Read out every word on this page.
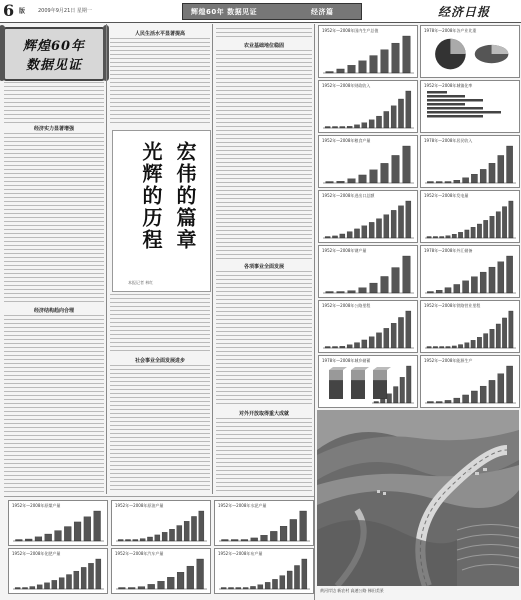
6 版	2009年9月21日 星期一	辉煌60年 数据见证	经济篇	经济日报
辉煌60年
数据见证
经济实力显著增强
经济结构趋向合理
人民生活水平显著提高
宏伟的篇章
光辉的历程
本报记者 林红
社会事业全面发展进步
农业基础地位稳固
各项事业全面发展
对外开放取得重大成就
1952年—2008年国内生产总值	1978年—2008年各产业比重
1952年—2008年财政收入	1952年—2008年城镇化率
1952年—2008年粮食产量	1978年—2008年居民收入
1952年—2008年进出口总额	1952年—2008年发电量
1952年—2008年钢产量	1978年—2008年外汇储备
1952年—2008年公路里程	1952年—2008年铁路营业里程
1978年—2008年城乡储蓄	1952年—2008年能源生产
黄河岸边 新农村 高速公路 梯田美景
1952年—2008年原煤产量	1952年—2008年原油产量	1952年—2008年水泥产量
1952年—2008年化肥产量	1952年—2008年汽车产量	1952年—2008年布产量
